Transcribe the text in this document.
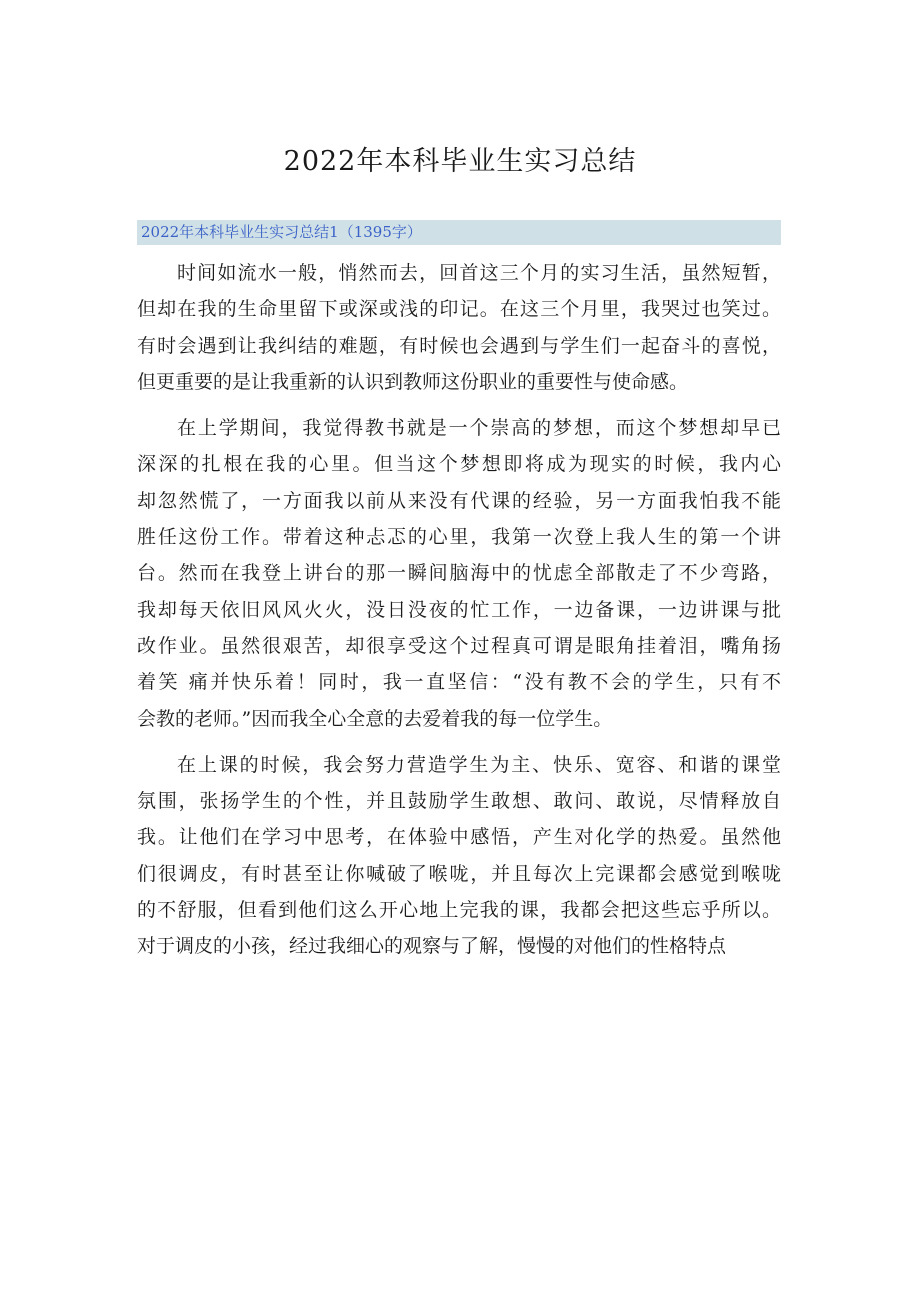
2022年本科毕业生实习总结
2022年本科毕业生实习总结1（1395字）

时间如流水一般，悄然而去，回首这三个月的实习生活，虽然短暂，
但却在我的生命里留下或深或浅的印记。在这三个月里，我哭过也笑过。
有时会遇到让我纠结的难题，有时候也会遇到与学生们一起奋斗的喜悦，
但更重要的是让我重新的认识到教师这份职业的重要性与使命感。

在上学期间，我觉得教书就是一个崇高的梦想，而这个梦想却早已
深深的扎根在我的心里。但当这个梦想即将成为现实的时候，我内心
却忽然慌了，一方面我以前从来没有代课的经验，另一方面我怕我不能
胜任这份工作。带着这种忐忑的心里，我第一次登上我人生的第一个讲
台。然而在我登上讲台的那一瞬间脑海中的忧虑全部散走了不少弯路，
我却每天依旧风风火火，没日没夜的忙工作，一边备课，一边讲课与批
改作业。虽然很艰苦，却很享受这个过程真可谓是眼角挂着泪，嘴角扬
着笑 痛并快乐着！同时，我一直坚信：“没有教不会的学生，只有不
会教的老师。”因而我全心全意的去爱着我的每一位学生。

在上课的时候，我会努力营造学生为主、快乐、宽容、和谐的课堂
氛围，张扬学生的个性，并且鼓励学生敢想、敢问、敢说，尽情释放自
我。让他们在学习中思考，在体验中感悟，产生对化学的热爱。虽然他
们很调皮，有时甚至让你喊破了喉咙，并且每次上完课都会感觉到喉咙
的不舒服，但看到他们这么开心地上完我的课，我都会把这些忘乎所以。
对于调皮的小孩，经过我细心的观察与了解，慢慢的对他们的性格特点
